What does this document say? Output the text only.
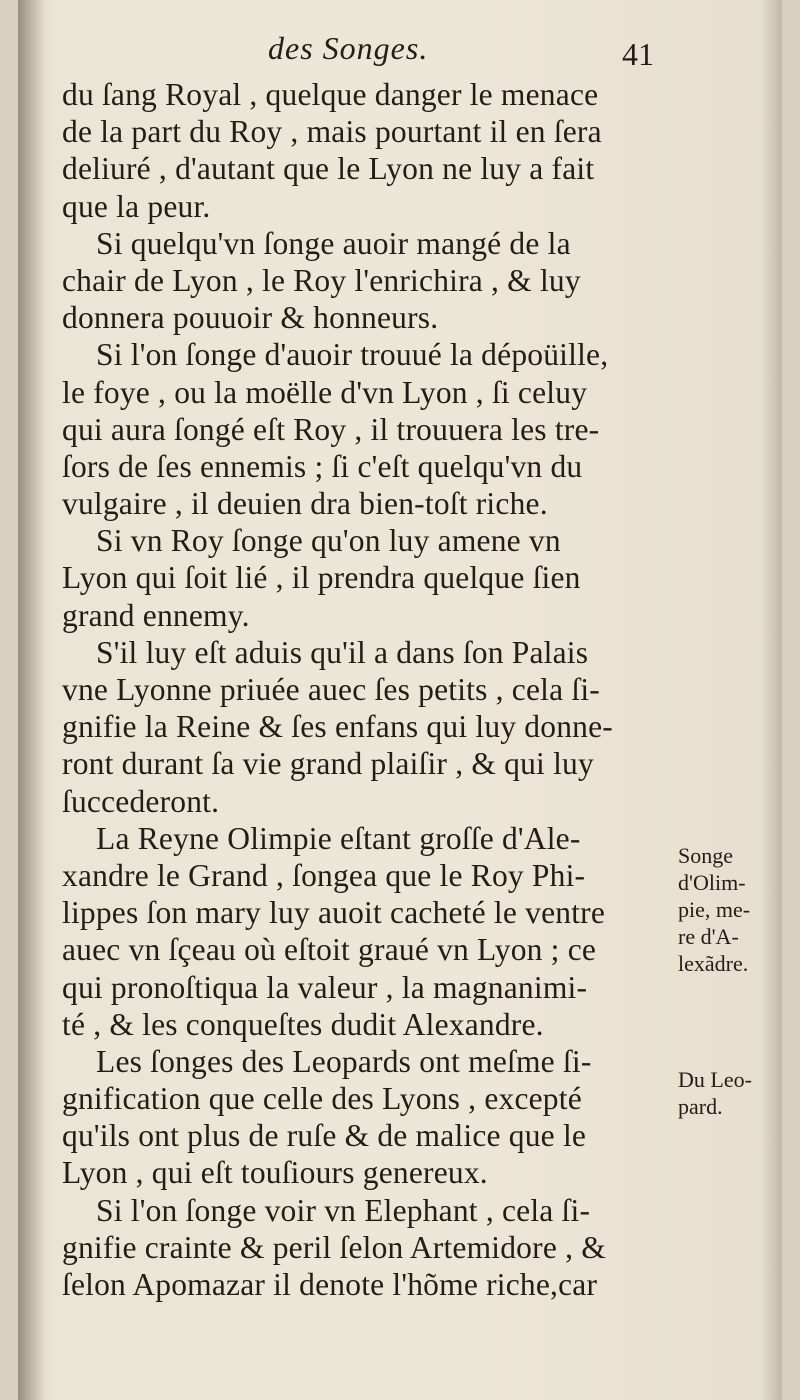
des Songes.	41
du ſang Royal , quelque danger le menace
de la part du Roy , mais pourtant il en ſera
deliuré , d'autant que le Lyon ne luy a fait
que la peur.
Si quelqu'vn ſonge auoir mangé de la
chair de Lyon , le Roy l'enrichira , & luy
donnera pouuoir & honneurs.
Si l'on ſonge d'auoir trouué la dépoüille,
le foye , ou la moëlle d'vn Lyon , ſi celuy
qui aura ſongé eſt Roy , il trouuera les tre-
ſors de ſes ennemis ; ſi c'eſt quelqu'vn du
vulgaire , il deuien dra bien-toſt riche.
Si vn Roy ſonge qu'on luy amene vn
Lyon qui ſoit lié , il prendra quelque ſien
grand ennemy.
S'il luy eſt aduis qu'il a dans ſon Palais
vne Lyonne priuée auec ſes petits , cela ſi-
gnifie la Reine & ſes enfans qui luy donne-
ront durant ſa vie grand plaiſir , & qui luy
ſuccederont.
La Reyne Olimpie eſtant groſſe d'Ale-
xandre le Grand , ſongea que le Roy Phi-
lippes ſon mary luy auoit cacheté le ventre
auec vn ſçeau où eſtoit graué vn Lyon ; ce
qui pronoſtiqua la valeur , la magnanimi-
té , & les conqueſtes dudit Alexandre.
Les ſonges des Leopards ont meſme ſi-
gnification que celle des Lyons , excepté
qu'ils ont plus de ruſe & de malice que le
Lyon , qui eſt touſiours genereux.
Si l'on ſonge voir vn Elephant , cela ſi-
gnifie crainte & peril ſelon Artemidore , &
ſelon Apomazar il denote l'hõme riche,car
Songe
d'Olim-
pie, me-
re d'A-
lexãdre.
Du Leo-
pard.
